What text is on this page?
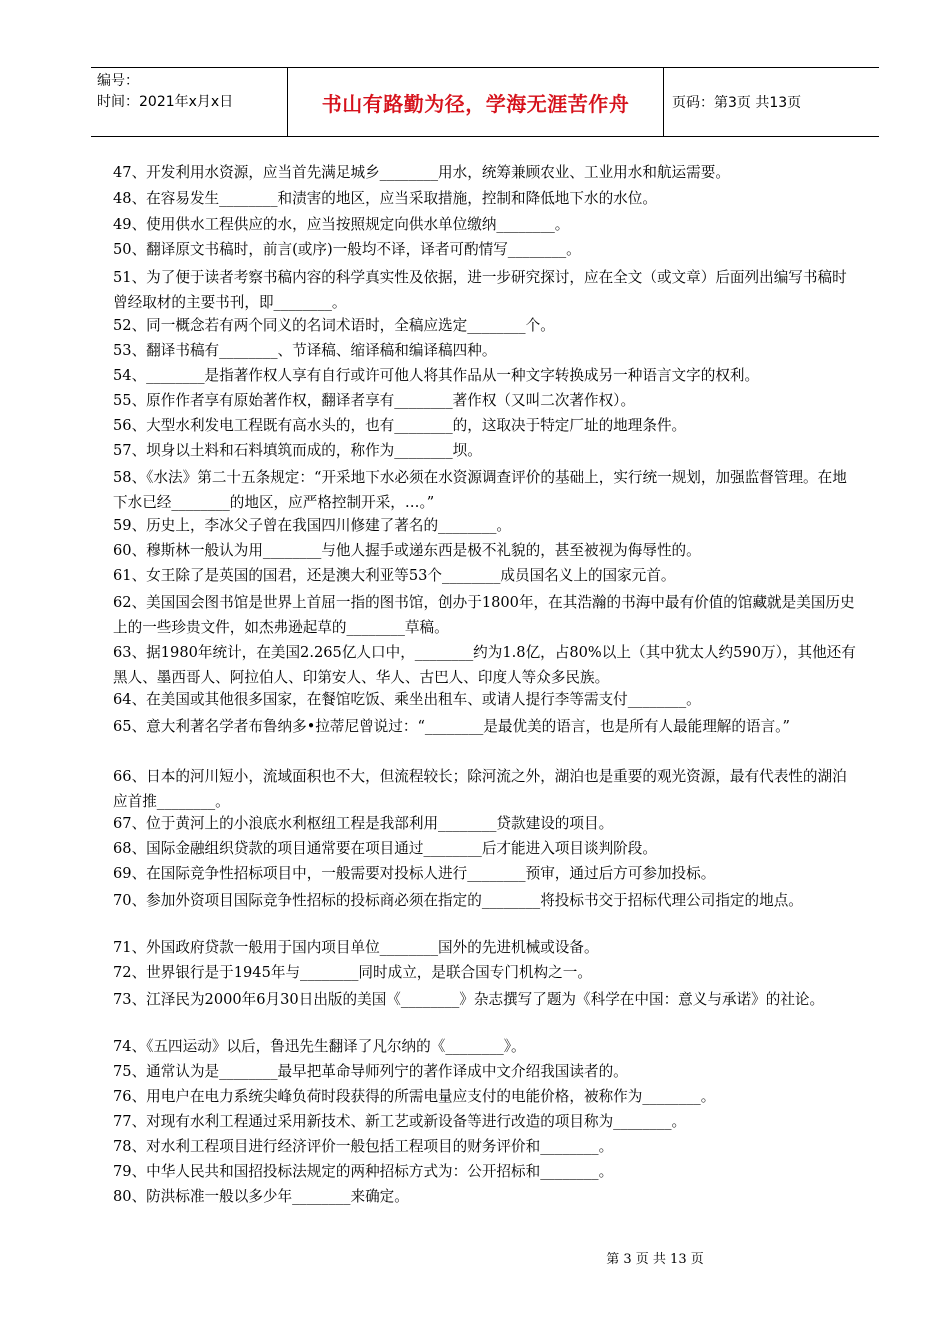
编号：
时间：2021年x月x日	书山有路勤为径，学海无涯苦作舟	页码：第3页 共13页
47、开发利用水资源，应当首先满足城乡________用水，统筹兼顾农业、工业用水和航运需要。
48、在容易发生________和渍害的地区，应当采取措施，控制和降低地下水的水位。
49、使用供水工程供应的水，应当按照规定向供水单位缴纳________。
50、翻译原文书稿时，前言(或序)一般均不译，译者可酌情写________。
51、为了便于读者考察书稿内容的科学真实性及依据，进一步研究探讨，应在全文（或文章）后面列出编写书稿时曾经取材的主要书刊，即________。
52、同一概念若有两个同义的名词术语时，全稿应选定________个。
53、翻译书稿有________、节译稿、缩译稿和编译稿四种。
54、________是指著作权人享有自行或许可他人将其作品从一种文字转换成另一种语言文字的权利。
55、原作作者享有原始著作权，翻译者享有________著作权（又叫二次著作权）。
56、大型水利发电工程既有高水头的，也有________的，这取决于特定厂址的地理条件。
57、坝身以土料和石料填筑而成的，称作为________坝。
58、《水法》第二十五条规定：“开采地下水必须在水资源调查评价的基础上，实行统一规划，加强监督管理。在地下水已经________的地区，应严格控制开采，…。”
59、历史上，李冰父子曾在我国四川修建了著名的________。
60、穆斯林一般认为用________与他人握手或递东西是极不礼貌的，甚至被视为侮辱性的。
61、女王除了是英国的国君，还是澳大利亚等53个________成员国名义上的国家元首。
62、美国国会图书馆是世界上首屈一指的图书馆，创办于1800年，在其浩瀚的书海中最有价值的馆藏就是美国历史上的一些珍贵文件，如杰弗逊起草的________草稿。
63、据1980年统计，在美国2.265亿人口中，________约为1.8亿，占80%以上（其中犹太人约590万），其他还有黑人、墨西哥人、阿拉伯人、印第安人、华人、古巴人、印度人等众多民族。
64、在美国或其他很多国家，在餐馆吃饭、乘坐出租车、或请人提行李等需支付________。
65、意大利著名学者布鲁纳多•拉蒂尼曾说过：“________是最优美的语言，也是所有人最能理解的语言。”
66、日本的河川短小，流域面积也不大，但流程较长；除河流之外，湖泊也是重要的观光资源，最有代表性的湖泊应首推________。
67、位于黄河上的小浪底水利枢纽工程是我部利用________贷款建设的项目。
68、国际金融组织贷款的项目通常要在项目通过________后才能进入项目谈判阶段。
69、在国际竞争性招标项目中，一般需要对投标人进行________预审，通过后方可参加投标。
70、参加外资项目国际竞争性招标的投标商必须在指定的________将投标书交于招标代理公司指定的地点。
71、外国政府贷款一般用于国内项目单位________国外的先进机械或设备。
72、世界银行是于1945年与________同时成立，是联合国专门机构之一。
73、江泽民为2000年6月30日出版的美国《________》杂志撰写了题为《科学在中国：意义与承诺》的社论。
74、《五四运动》以后，鲁迅先生翻译了凡尔纳的《________》。
75、通常认为是________最早把革命导师列宁的著作译成中文介绍我国读者的。
76、用电户在电力系统尖峰负荷时段获得的所需电量应支付的电能价格，被称作为________。
77、对现有水利工程通过采用新技术、新工艺或新设备等进行改造的项目称为________。
78、对水利工程项目进行经济评价一般包括工程项目的财务评价和________。
79、中华人民共和国招投标法规定的两种招标方式为：公开招标和________。
80、防洪标准一般以多少年________来确定。
第 3 页 共 13 页
